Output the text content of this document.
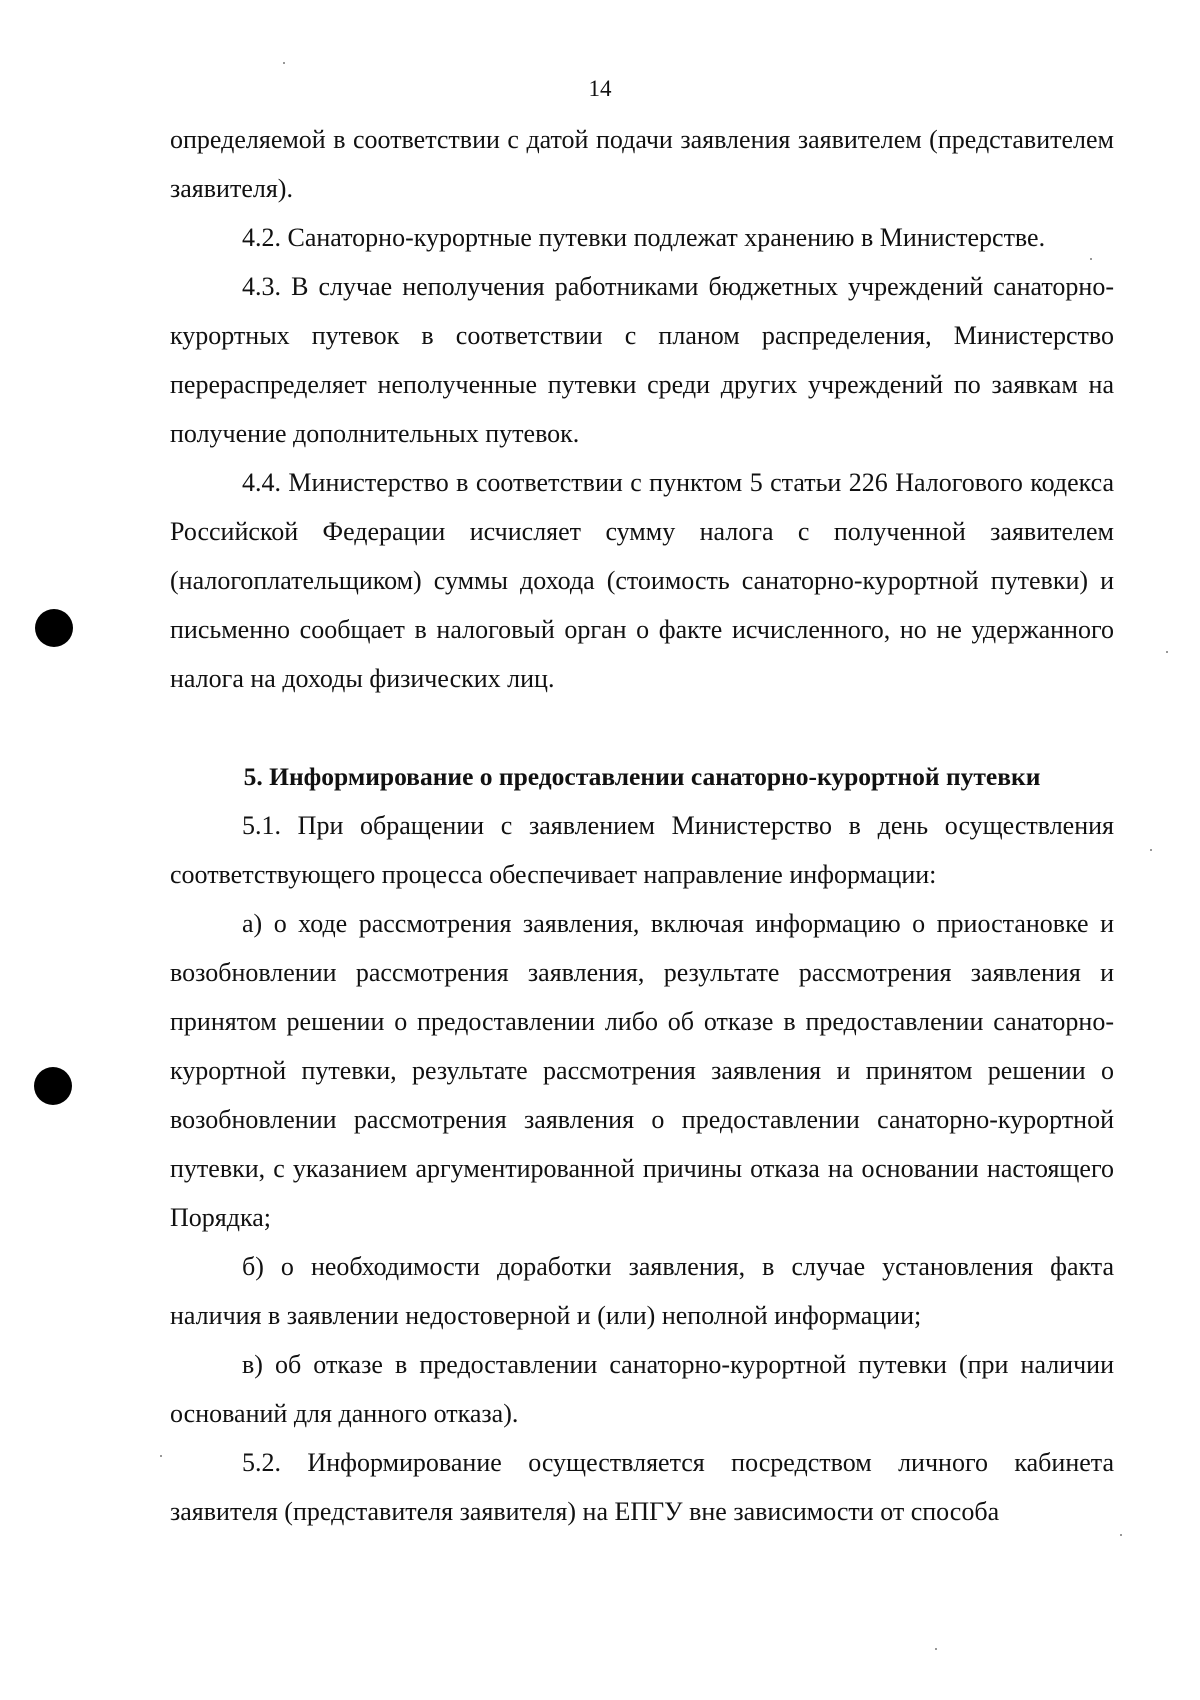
14

определяемой в соответствии с датой подачи заявления заявителем (представителем заявителя).

4.2. Санаторно-курортные путевки подлежат хранению в Министерстве.

4.3. В случае неполучения работниками бюджетных учреждений санаторно-курортных путевок в соответствии с планом распределения, Министерство перераспределяет неполученные путевки среди других учреждений по заявкам на получение дополнительных путевок.

4.4. Министерство в соответствии с пунктом 5 статьи 226 Налогового кодекса Российской Федерации исчисляет сумму налога с полученной заявителем (налогоплательщиком) суммы дохода (стоимость санаторно-курортной путевки) и письменно сообщает в налоговый орган о факте исчисленного, но не удержанного налога на доходы физических лиц.

5. Информирование о предоставлении санаторно-курортной путевки

5.1. При обращении с заявлением Министерство в день осуществления соответствующего процесса обеспечивает направление информации:

а) о ходе рассмотрения заявления, включая информацию о приостановке и возобновлении рассмотрения заявления, результате рассмотрения заявления и принятом решении о предоставлении либо об отказе в предоставлении санаторно-курортной путевки, результате рассмотрения заявления и принятом решении о возобновлении рассмотрения заявления о предоставлении санаторно-курортной путевки, с указанием аргументированной причины отказа на основании настоящего Порядка;

б) о необходимости доработки заявления, в случае установления факта наличия в заявлении недостоверной и (или) неполной информации;

в) об отказе в предоставлении санаторно-курортной путевки (при наличии оснований для данного отказа).

5.2. Информирование осуществляется посредством личного кабинета заявителя (представителя заявителя) на ЕПГУ вне зависимости от способа
